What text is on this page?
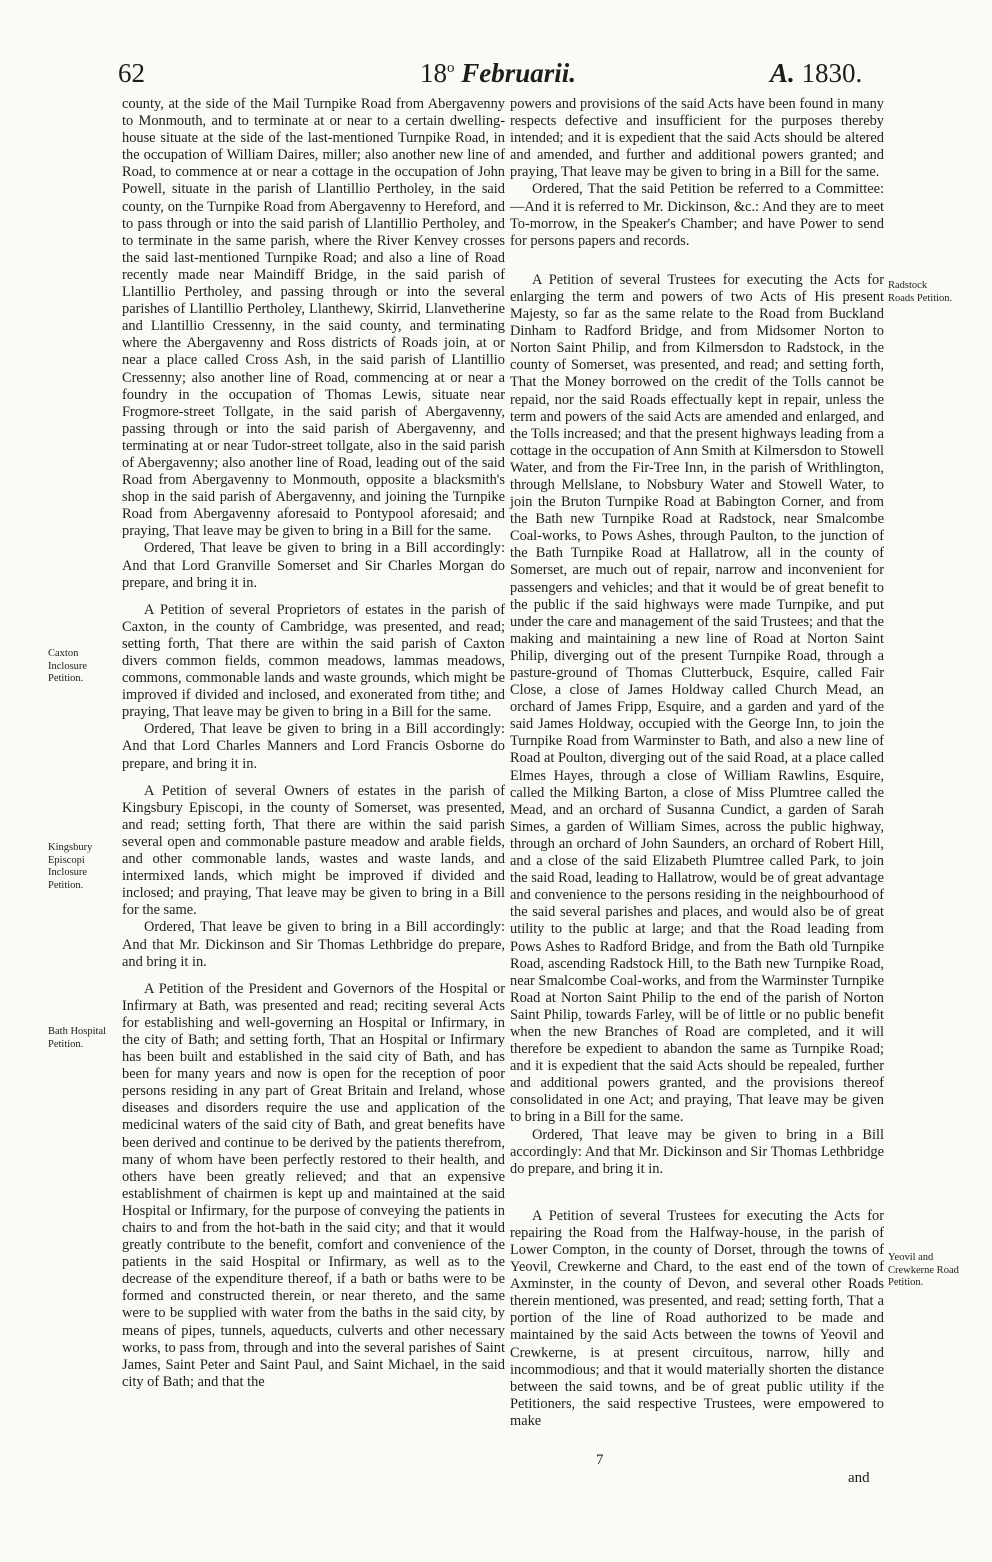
62	18$^o$ Februarii.	A. 1830.

county, at the side of the Mail Turnpike Road from Abergavenny to Monmouth, and to terminate at or near to a certain dwelling-house situate at the side of the last-mentioned Turnpike Road, in the occupation of William Daires, miller; also another new line of Road, to commence at or near a cottage in the occupation of John Powell, situate in the parish of Llantillio Pertholey, in the said county, on the Turnpike Road from Abergavenny to Hereford, and to pass through or into the said parish of Llantillio Pertholey, and to terminate in the same parish, where the River Kenvey crosses the said last-mentioned Turnpike Road; and also a line of Road recently made near Maindiff Bridge, in the said parish of Llantillio Pertholey, and passing through or into the several parishes of Llantillio Pertholey, Llanthewy, Skirrid, Llanvetherine and Llantillio Cressenny, in the said county, and terminating where the Abergavenny and Ross districts of Roads join, at or near a place called Cross Ash, in the said parish of Llantillio Cressenny; also another line of Road, commencing at or near a foundry in the occupation of Thomas Lewis, situate near Frogmore-street Tollgate, in the said parish of Abergavenny, passing through or into the said parish of Abergavenny, and terminating at or near Tudor-street tollgate, also in the said parish of Abergavenny; also another line of Road, leading out of the said Road from Abergavenny to Monmouth, opposite a blacksmith's shop in the said parish of Abergavenny, and joining the Turnpike Road from Abergavenny aforesaid to Pontypool aforesaid; and praying, That leave may be given to bring in a Bill for the same.

Ordered, That leave be given to bring in a Bill accordingly: And that Lord Granville Somerset and Sir Charles Morgan do prepare, and bring it in.

A Petition of several Proprietors of estates in the parish of Caxton, in the county of Cambridge, was presented, and read; setting forth, That there are within the said parish of Caxton divers common fields, common meadows, lammas meadows, commons, commonable lands and waste grounds, which might be improved if divided and inclosed, and exonerated from tithe; and praying, That leave may be given to bring in a Bill for the same.

Ordered, That leave be given to bring in a Bill accordingly: And that Lord Charles Manners and Lord Francis Osborne do prepare, and bring it in.

A Petition of several Owners of estates in the parish of Kingsbury Episcopi, in the county of Somerset, was presented, and read; setting forth, That there are within the said parish several open and commonable pasture meadow and arable fields, and other commonable lands, wastes and waste lands, and intermixed lands, which might be improved if divided and inclosed; and praying, That leave may be given to bring in a Bill for the same.

Ordered, That leave be given to bring in a Bill accordingly: And that Mr. Dickinson and Sir Thomas Lethbridge do prepare, and bring it in.

A Petition of the President and Governors of the Hospital or Infirmary at Bath, was presented and read; reciting several Acts for establishing and well-governing an Hospital or Infirmary, in the city of Bath; and setting forth, That an Hospital or Infirmary has been built and established in the said city of Bath, and has been for many years and now is open for the reception of poor persons residing in any part of Great Britain and Ireland, whose diseases and disorders require the use and application of the medicinal waters of the said city of Bath, and great benefits have been derived and continue to be derived by the patients therefrom, many of whom have been perfectly restored to their health, and others have been greatly relieved; and that an expensive establishment of chairmen is kept up and maintained at the said Hospital or Infirmary, for the purpose of conveying the patients in chairs to and from the hot-bath in the said city; and that it would greatly contribute to the benefit, comfort and convenience of the patients in the said Hospital or Infirmary, as well as to the decrease of the expenditure thereof, if a bath or baths were to be formed and constructed therein, or near thereto, and the same were to be supplied with water from the baths in the said city, by means of pipes, tunnels, aqueducts, culverts and other necessary works, to pass from, through and into the several parishes of Saint James, Saint Peter and Saint Paul, and Saint Michael, in the said city of Bath; and that the

powers and provisions of the said Acts have been found in many respects defective and insufficient for the purposes thereby intended; and it is expedient that the said Acts should be altered and amended, and further and additional powers granted; and praying, That leave may be given to bring in a Bill for the same.

Ordered, That the said Petition be referred to a Committee:—And it is referred to Mr. Dickinson, &c.: And they are to meet To-morrow, in the Speaker's Chamber; and have Power to send for persons papers and records.

A Petition of several Trustees for executing the Acts for enlarging the term and powers of two Acts of His present Majesty, so far as the same relate to the Road from Buckland Dinham to Radford Bridge, and from Midsomer Norton to Norton Saint Philip, and from Kilmersdon to Radstock, in the county of Somerset, was presented, and read; and setting forth, That the Money borrowed on the credit of the Tolls cannot be repaid, nor the said Roads effectually kept in repair, unless the term and powers of the said Acts are amended and enlarged, and the Tolls increased; and that the present highways leading from a cottage in the occupation of Ann Smith at Kilmersdon to Stowell Water, and from the Fir-Tree Inn, in the parish of Writhlington, through Mellslane, to Nobsbury Water and Stowell Water, to join the Bruton Turnpike Road at Babington Corner, and from the Bath new Turnpike Road at Radstock, near Smalcombe Coal-works, to Pows Ashes, through Paulton, to the junction of the Bath Turnpike Road at Hallatrow, all in the county of Somerset, are much out of repair, narrow and inconvenient for passengers and vehicles; and that it would be of great benefit to the public if the said highways were made Turnpike, and put under the care and management of the said Trustees; and that the making and maintaining a new line of Road at Norton Saint Philip, diverging out of the present Turnpike Road, through a pasture-ground of Thomas Clutterbuck, Esquire, called Fair Close, a close of James Holdway called Church Mead, an orchard of James Fripp, Esquire, and a garden and yard of the said James Holdway, occupied with the George Inn, to join the Turnpike Road from Warminster to Bath, and also a new line of Road at Poulton, diverging out of the said Road, at a place called Elmes Hayes, through a close of William Rawlins, Esquire, called the Milking Barton, a close of Miss Plumtree called the Mead, and an orchard of Susanna Cundict, a garden of Sarah Simes, a garden of William Simes, across the public highway, through an orchard of John Saunders, an orchard of Robert Hill, and a close of the said Elizabeth Plumtree called Park, to join the said Road, leading to Hallatrow, would be of great advantage and convenience to the persons residing in the neighbourhood of the said several parishes and places, and would also be of great utility to the public at large; and that the Road leading from Pows Ashes to Radford Bridge, and from the Bath old Turnpike Road, ascending Radstock Hill, to the Bath new Turnpike Road, near Smalcombe Coal-works, and from the Warminster Turnpike Road at Norton Saint Philip to the end of the parish of Norton Saint Philip, towards Farley, will be of little or no public benefit when the new Branches of Road are completed, and it will therefore be expedient to abandon the same as Turnpike Road; and it is expedient that the said Acts should be repealed, further and additional powers granted, and the provisions thereof consolidated in one Act; and praying, That leave may be given to bring in a Bill for the same.

Ordered, That leave may be given to bring in a Bill accordingly: And that Mr. Dickinson and Sir Thomas Lethbridge do prepare, and bring it in.

A Petition of several Trustees for executing the Acts for repairing the Road from the Halfway-house, in the parish of Lower Compton, in the county of Dorset, through the towns of Yeovil, Crewkerne and Chard, to the east end of the town of Axminster, in the county of Devon, and several other Roads therein mentioned, was presented, and read; setting forth, That a portion of the line of Road authorized to be made and maintained by the said Acts between the towns of Yeovil and Crewkerne, is at present circuitous, narrow, hilly and incommodious; and that it would materially shorten the distance between the said towns, and be of great public utility if the Petitioners, the said respective Trustees, were empowered to make

Caxton Inclosure Petition.
Kingsbury Episcopi Inclosure Petition.
Bath Hospital Petition.
Radstock Roads Petition.
Yeovil and Crewkerne Road Petition.
7
and
